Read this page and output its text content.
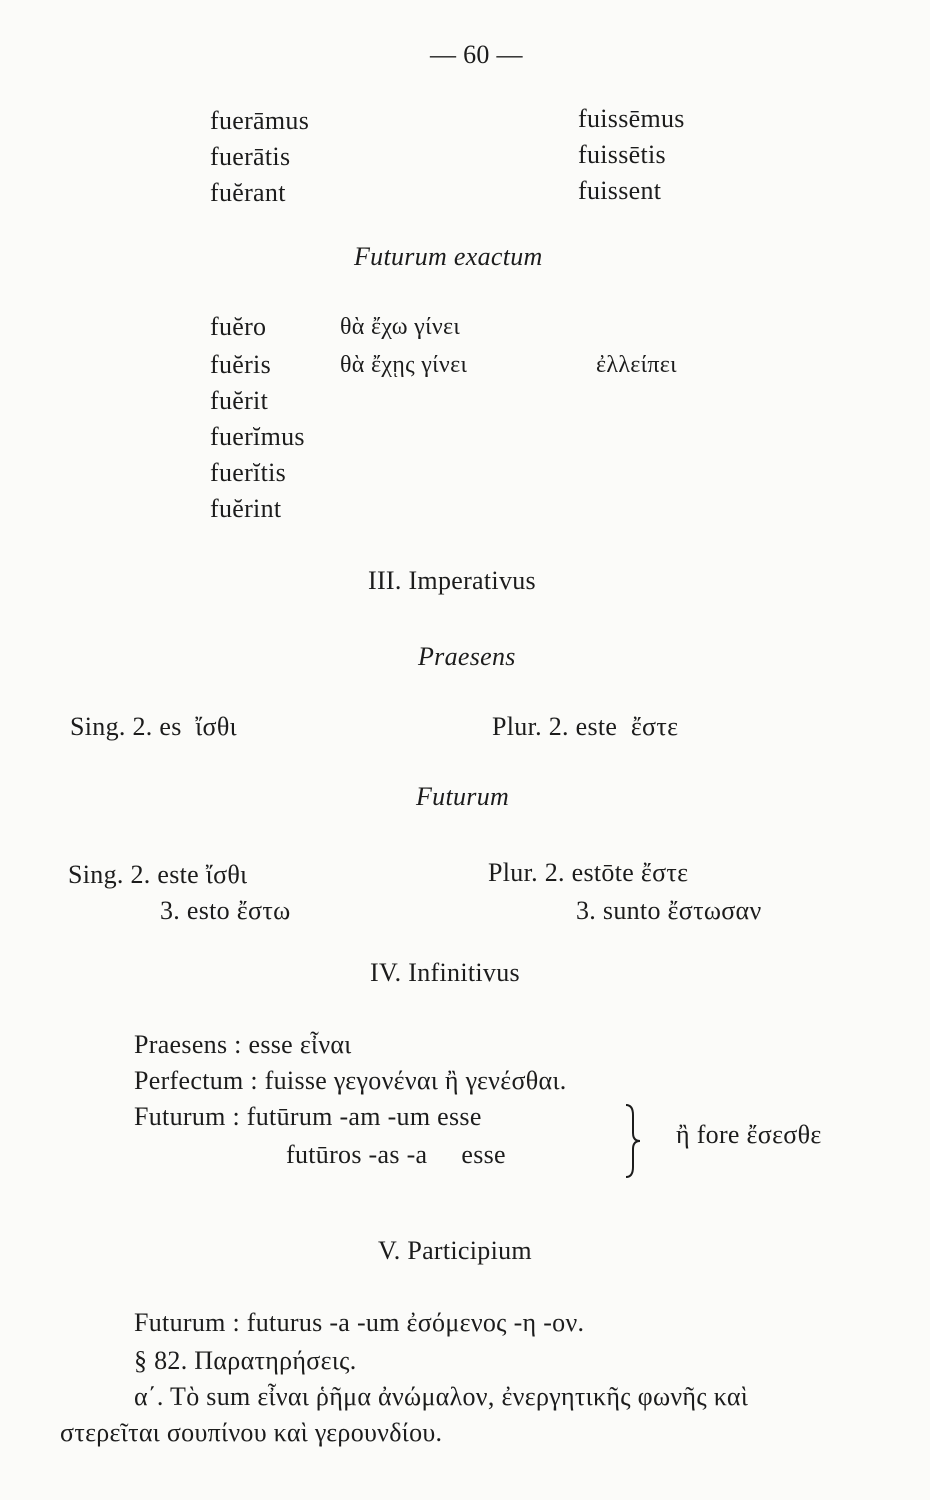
— 60 —
fuerāmus
fuerātis
fuĕrant
fuissēmus
fuissētis
fuissent
Futurum exactum
fuĕro
fuĕris
fuĕrit
fuerĭmus
fuerĭtis
fuĕrint
θὰ ἔχω γίνει
θὰ ἔχῃς γίνει	ἐλλείπει
III. Imperativus
Praesens
Sing. 2. es  ἴσθι	Plur. 2. este  ἔστε
Futurum
Sing. 2. este ἴσθι
3. esto ἔστω
Plur. 2. estōte ἔστε
3. sunto ἔστωσαν
IV. Infinitivus
Praesens : esse εἶναι
Perfectum : fuisse γεγονέναι ἢ γενέσθαι.
Futurum : futūrum -am -um esse
futūros -as -a     esse
ἢ fore ἔσεσθε
V. Participium
Futurum : futurus -a -um ἐσόμενος -η -ον.
§ 82. Παρατηρήσεις.
α΄. Τὸ sum εἶναι ῥῆμα ἀνώμαλον, ἐνεργητικῆς φωνῆς καὶ
στερεῖται σουπίνου καὶ γερουνδίου.
